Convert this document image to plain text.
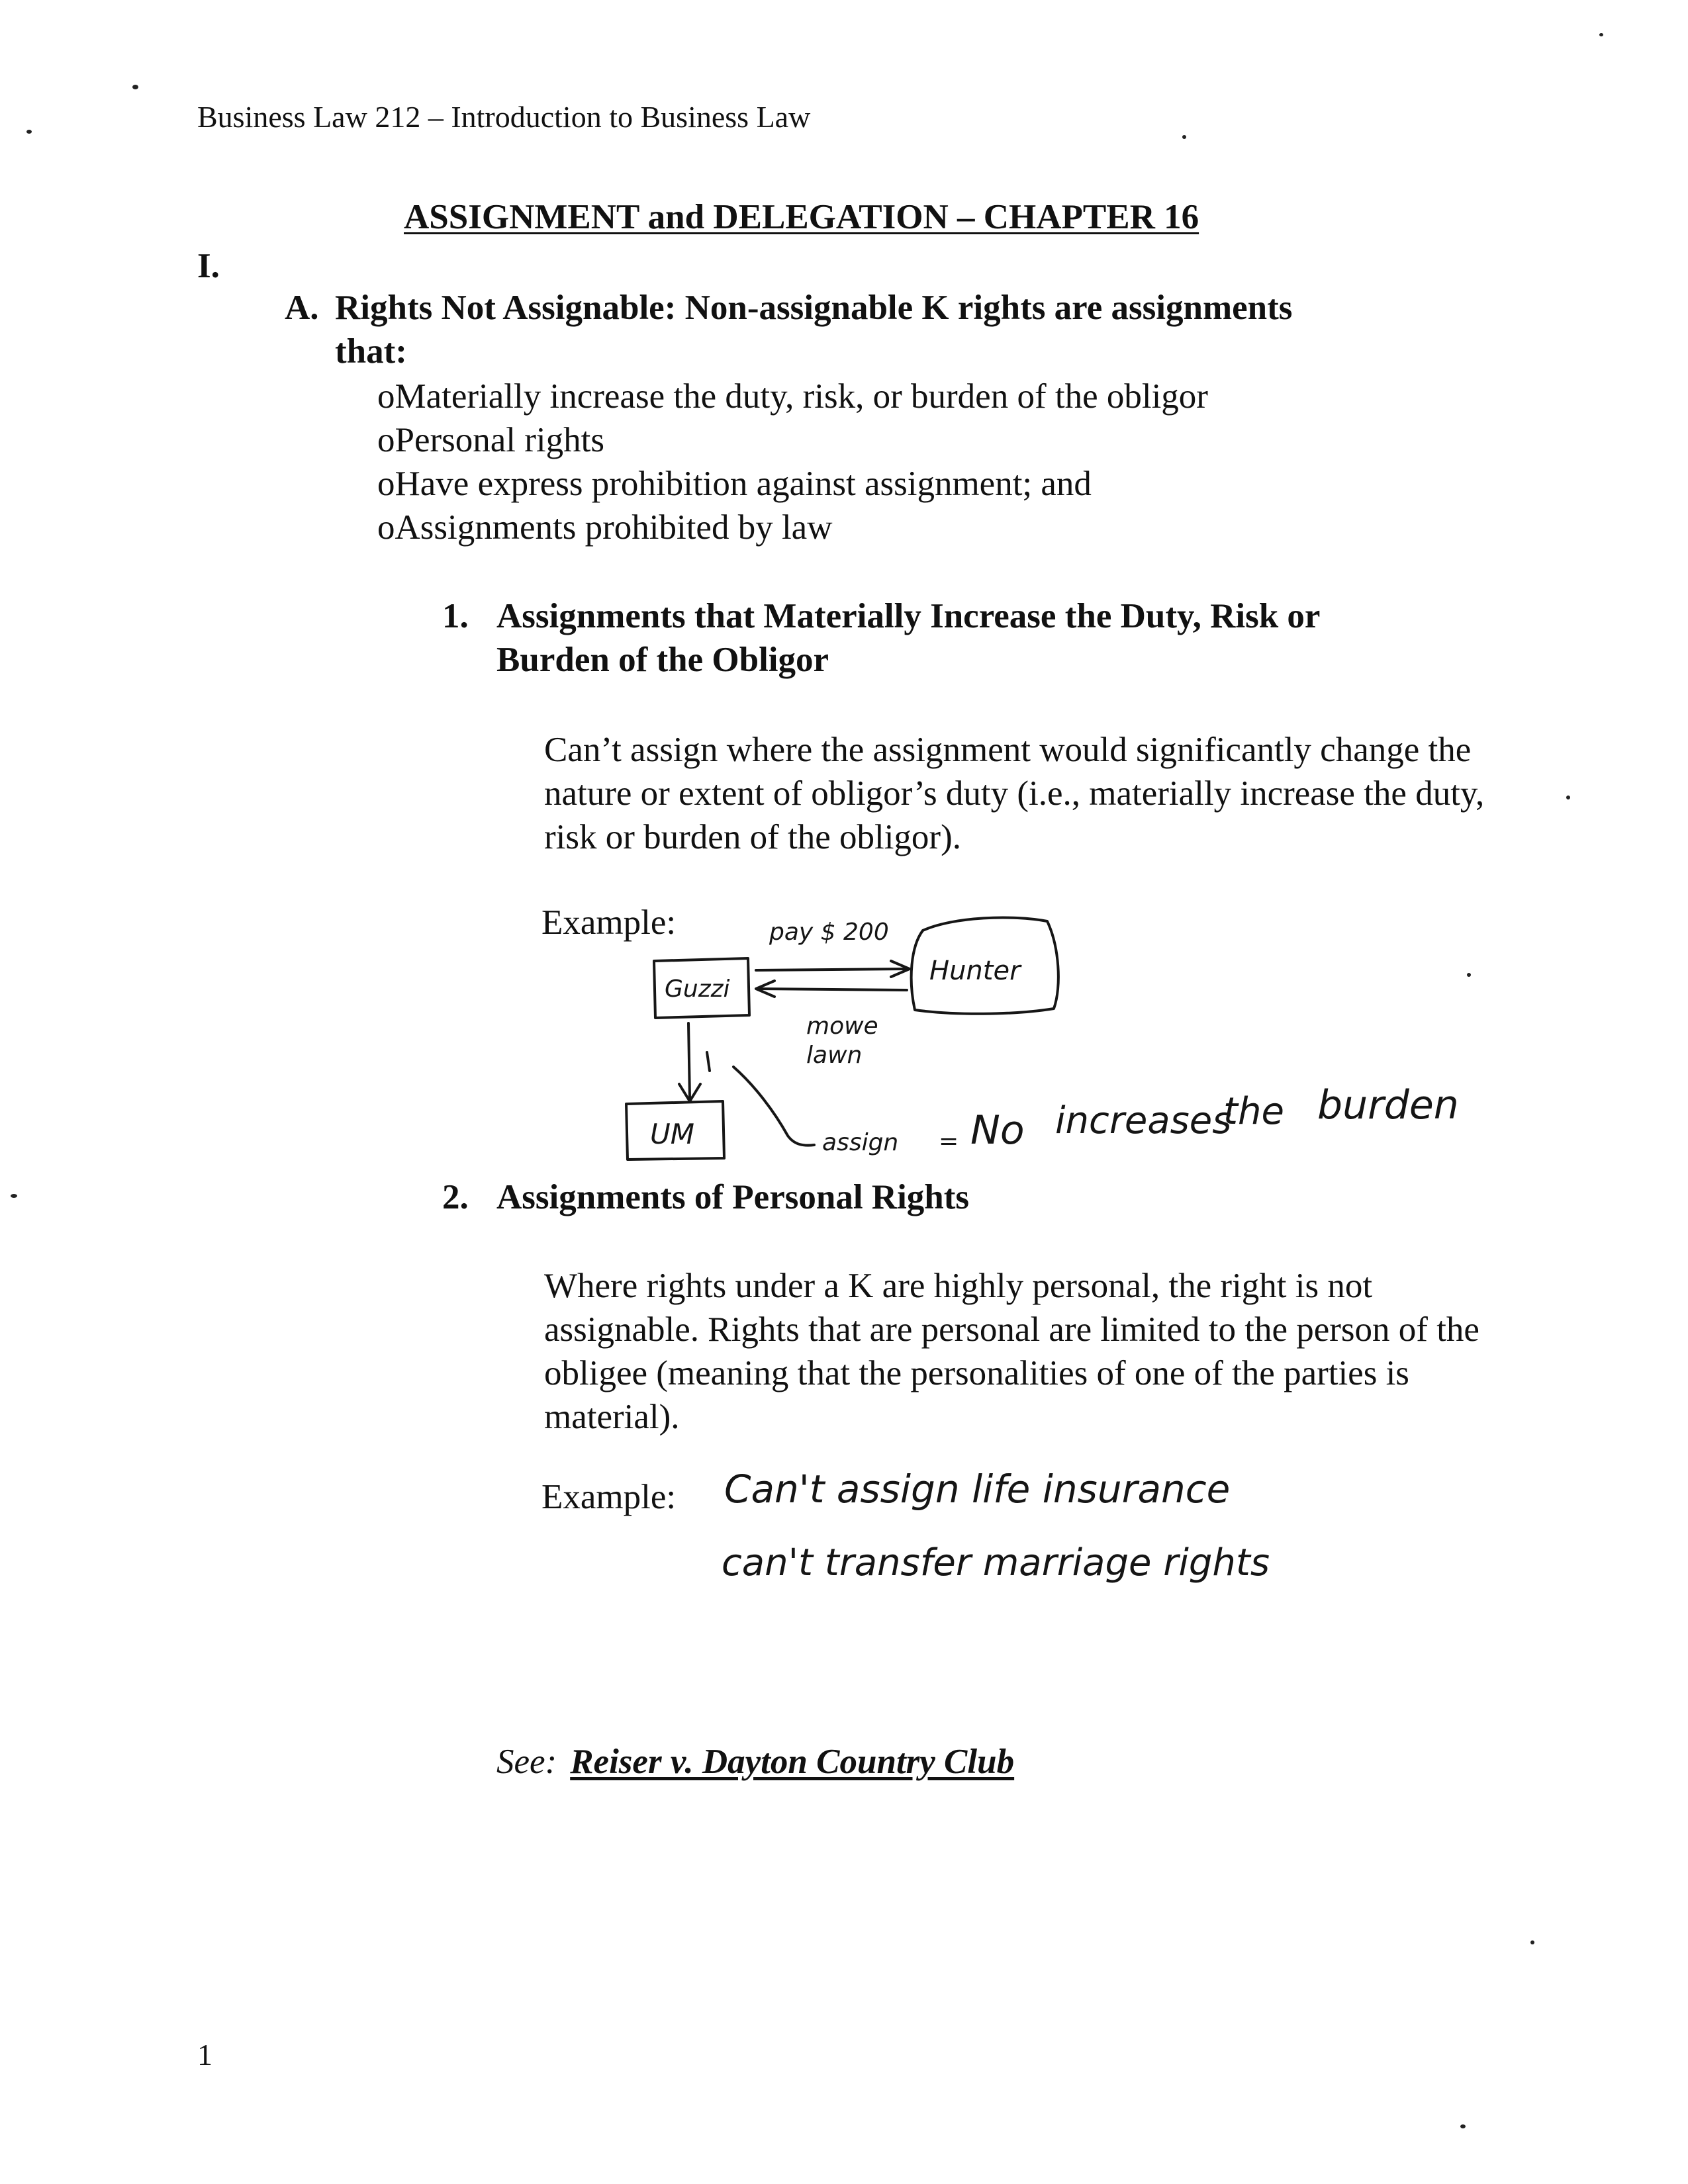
Business Law 212 – Introduction to Business Law
ASSIGNMENT and DELEGATION – CHAPTER 16
I.
A. Rights Not Assignable: Non-assignable K rights are assignments
that:
oMaterially increase the duty, risk, or burden of the obligor
oPersonal rights
oHave express prohibition against assignment; and
oAssignments prohibited by law
1. Assignments that Materially Increase the Duty, Risk or
Burden of the Obligor
Can’t assign where the assignment would significantly change the nature or extent of obligor’s duty (i.e., materially increase the duty, risk or burden of the obligor).
Example:	pay $ 200
Guzzi
Hunter
mowe
lawn
UM	assign = No increases
the burden
Can't assign life insurance
can't transfer marriage rights
2. Assignments of Personal Rights
Where rights under a K are highly personal, the right is not assignable. Rights that are personal are limited to the person of the obligee (meaning that the personalities of one of the parties is material).
Example:
See: Reiser v. Dayton Country Club
1
